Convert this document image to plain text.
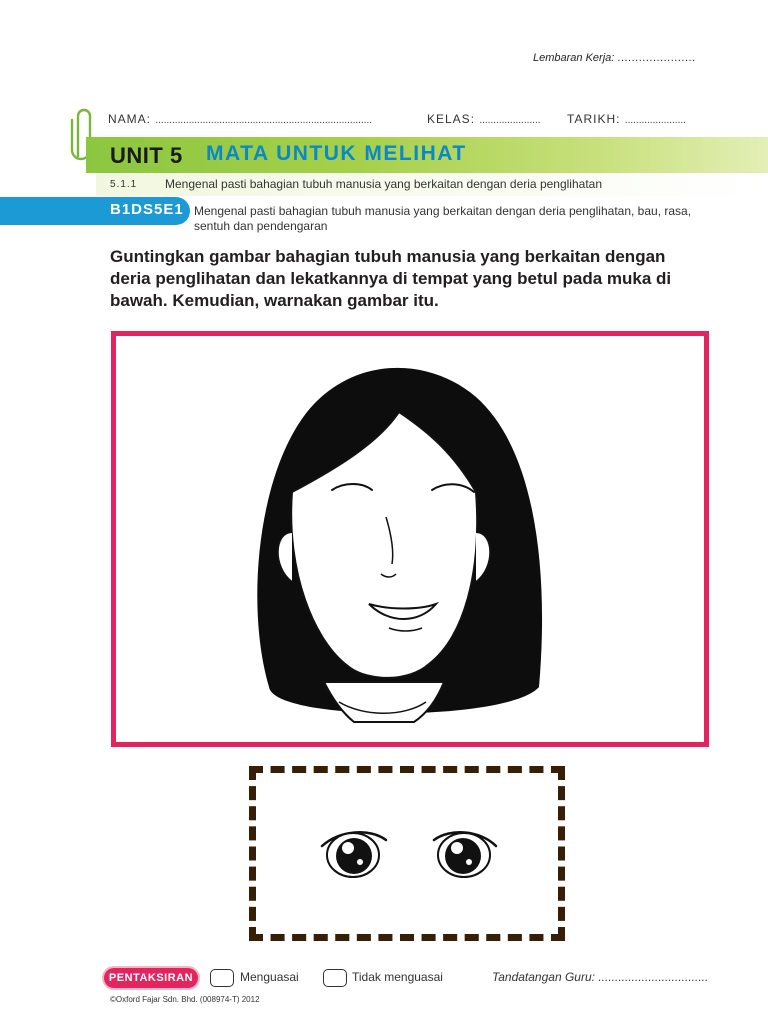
Lembaran Kerja: ......................
NAMA: ..............................................................................	KELAS: ...................... TARIKH: ......................
UNIT 5 MATA UNTUK MELIHAT
5.1.1 Mengenal pasti bahagian tubuh manusia yang berkaitan dengan deria penglihatan
B1DS5E1 Mengenal pasti bahagian tubuh manusia yang berkaitan dengan deria penglihatan, bau, rasa, sentuh dan pendengaran
Guntingkan gambar bahagian tubuh manusia yang berkaitan dengan deria penglihatan dan lekatkannya di tempat yang betul pada muka di bawah. Kemudian, warnakan gambar itu.
PENTAKSIRAN	Menguasai	Tidak menguasai	Tandatangan Guru: .................................
©Oxford Fajar Sdn. Bhd. (008974-T) 2012
